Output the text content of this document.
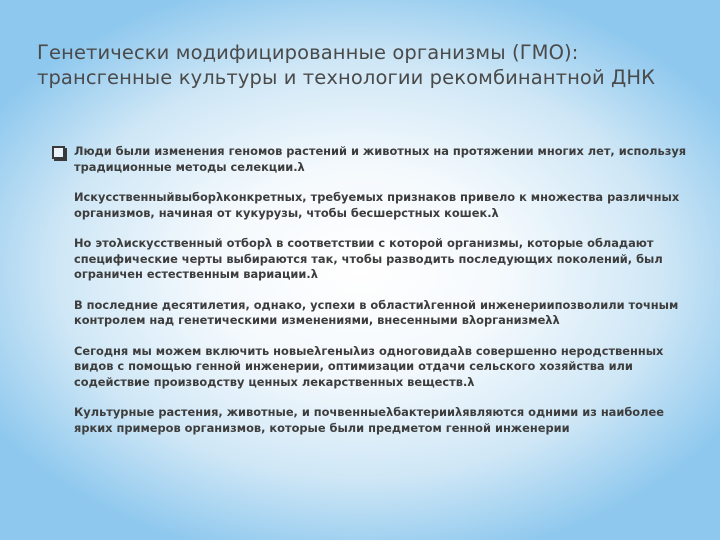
Генетически модифицированные организмы (ГМО):
трансгенные культуры и технологии рекомбинантной ДНК

Люди были изменения геномов растений и животных на протяжении многих лет, используя традиционные методы селекции.λ

Искусственныйвыборλконкретных, требуемых признаков привело к множества различных организмов, начиная от кукурузы, чтобы бесшерстных кошек.λ

Но этоλискусственный отборλ в соответствии с которой организмы, которые обладают специфические черты выбираются так, чтобы разводить последующих поколений, был ограничен естественным вариации.λ

В последние десятилетия, однако, успехи в областиλгенной инженериипозволили точным контролем над генетическими изменениями, внесенными вλорганизмеλλ

Сегодня мы можем включить новыеλгеныλиз одноговидаλв совершенно неродственных видов с помощью генной инженерии, оптимизации отдачи сельского хозяйства или содействие производству ценных лекарственных веществ.λ

Культурные растения, животные, и почвенныеλбактерииλявляются одними из наиболее ярких примеров организмов, которые были предметом генной инженерии
